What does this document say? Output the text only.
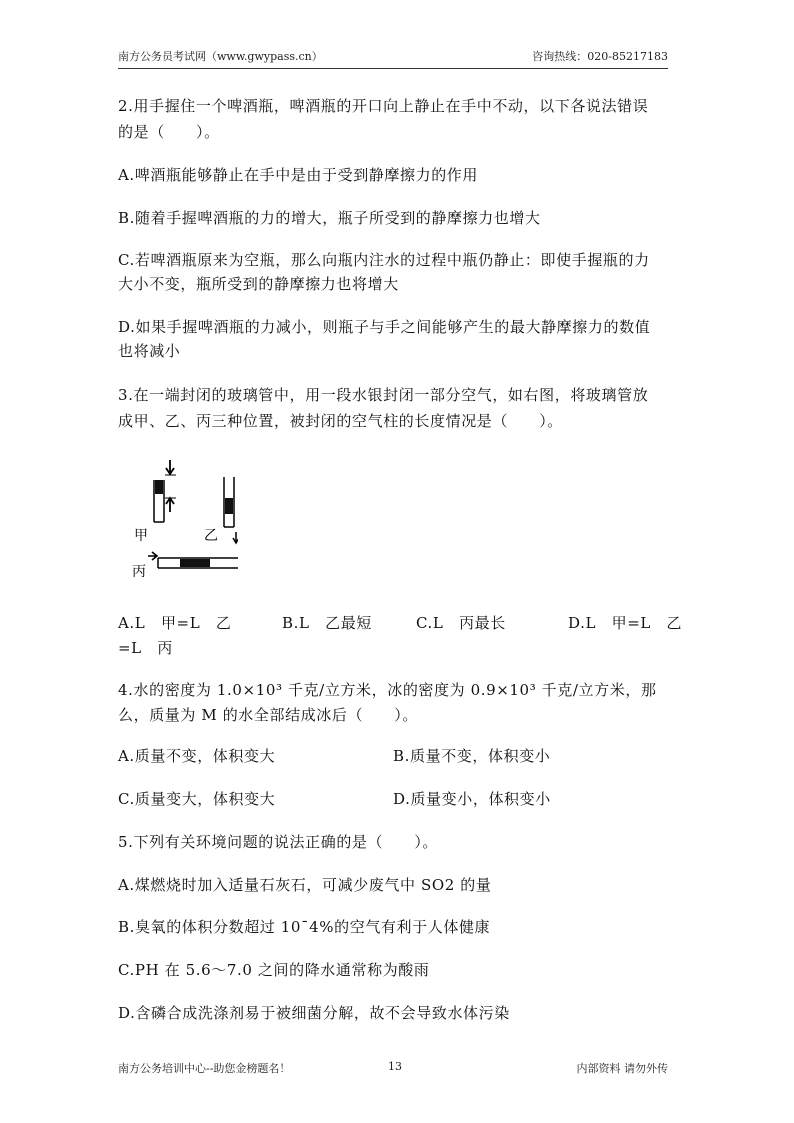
南方公务员考试网（www.gwypass.cn）	咨询热线：020-85217183
2.用手握住一个啤酒瓶，啤酒瓶的开口向上静止在手中不动，以下各说法错误
的是（　　）。
A.啤酒瓶能够静止在手中是由于受到静摩擦力的作用
B.随着手握啤酒瓶的力的增大，瓶子所受到的静摩擦力也增大
C.若啤酒瓶原来为空瓶，那么向瓶内注水的过程中瓶仍静止：即使手握瓶的力
大小不变，瓶所受到的静摩擦力也将增大
D.如果手握啤酒瓶的力减小，则瓶子与手之间能够产生的最大静摩擦力的数值
也将减小
3.在一端封闭的玻璃管中，用一段水银封闭一部分空气，如右图，将玻璃管放
成甲、乙、丙三种位置，被封闭的空气柱的长度情况是（　　）。
甲	乙
丙
A.L　甲=L　乙	B.L　乙最短	C.L　丙最长	D.L　甲=L　乙
=L　丙
4.水的密度为 1.0×10³ 千克/立方米，冰的密度为 0.9×10³ 千克/立方米，那
么，质量为 M 的水全部结成冰后（　　）。
A.质量不变，体积变大	B.质量不变，体积变小
C.质量变大，体积变大	D.质量变小，体积变小
5.下列有关环境问题的说法正确的是（　　）。
A.煤燃烧时加入适量石灰石，可减少废气中 SO2 的量
B.臭氧的体积分数超过 10ˉ4%的空气有利于人体健康
C.PH 在 5.6～7.0 之间的降水通常称为酸雨
D.含磷合成洗涤剂易于被细菌分解，故不会导致水体污染
南方公务培训中心--助您金榜题名！	13	内部资料 请勿外传
